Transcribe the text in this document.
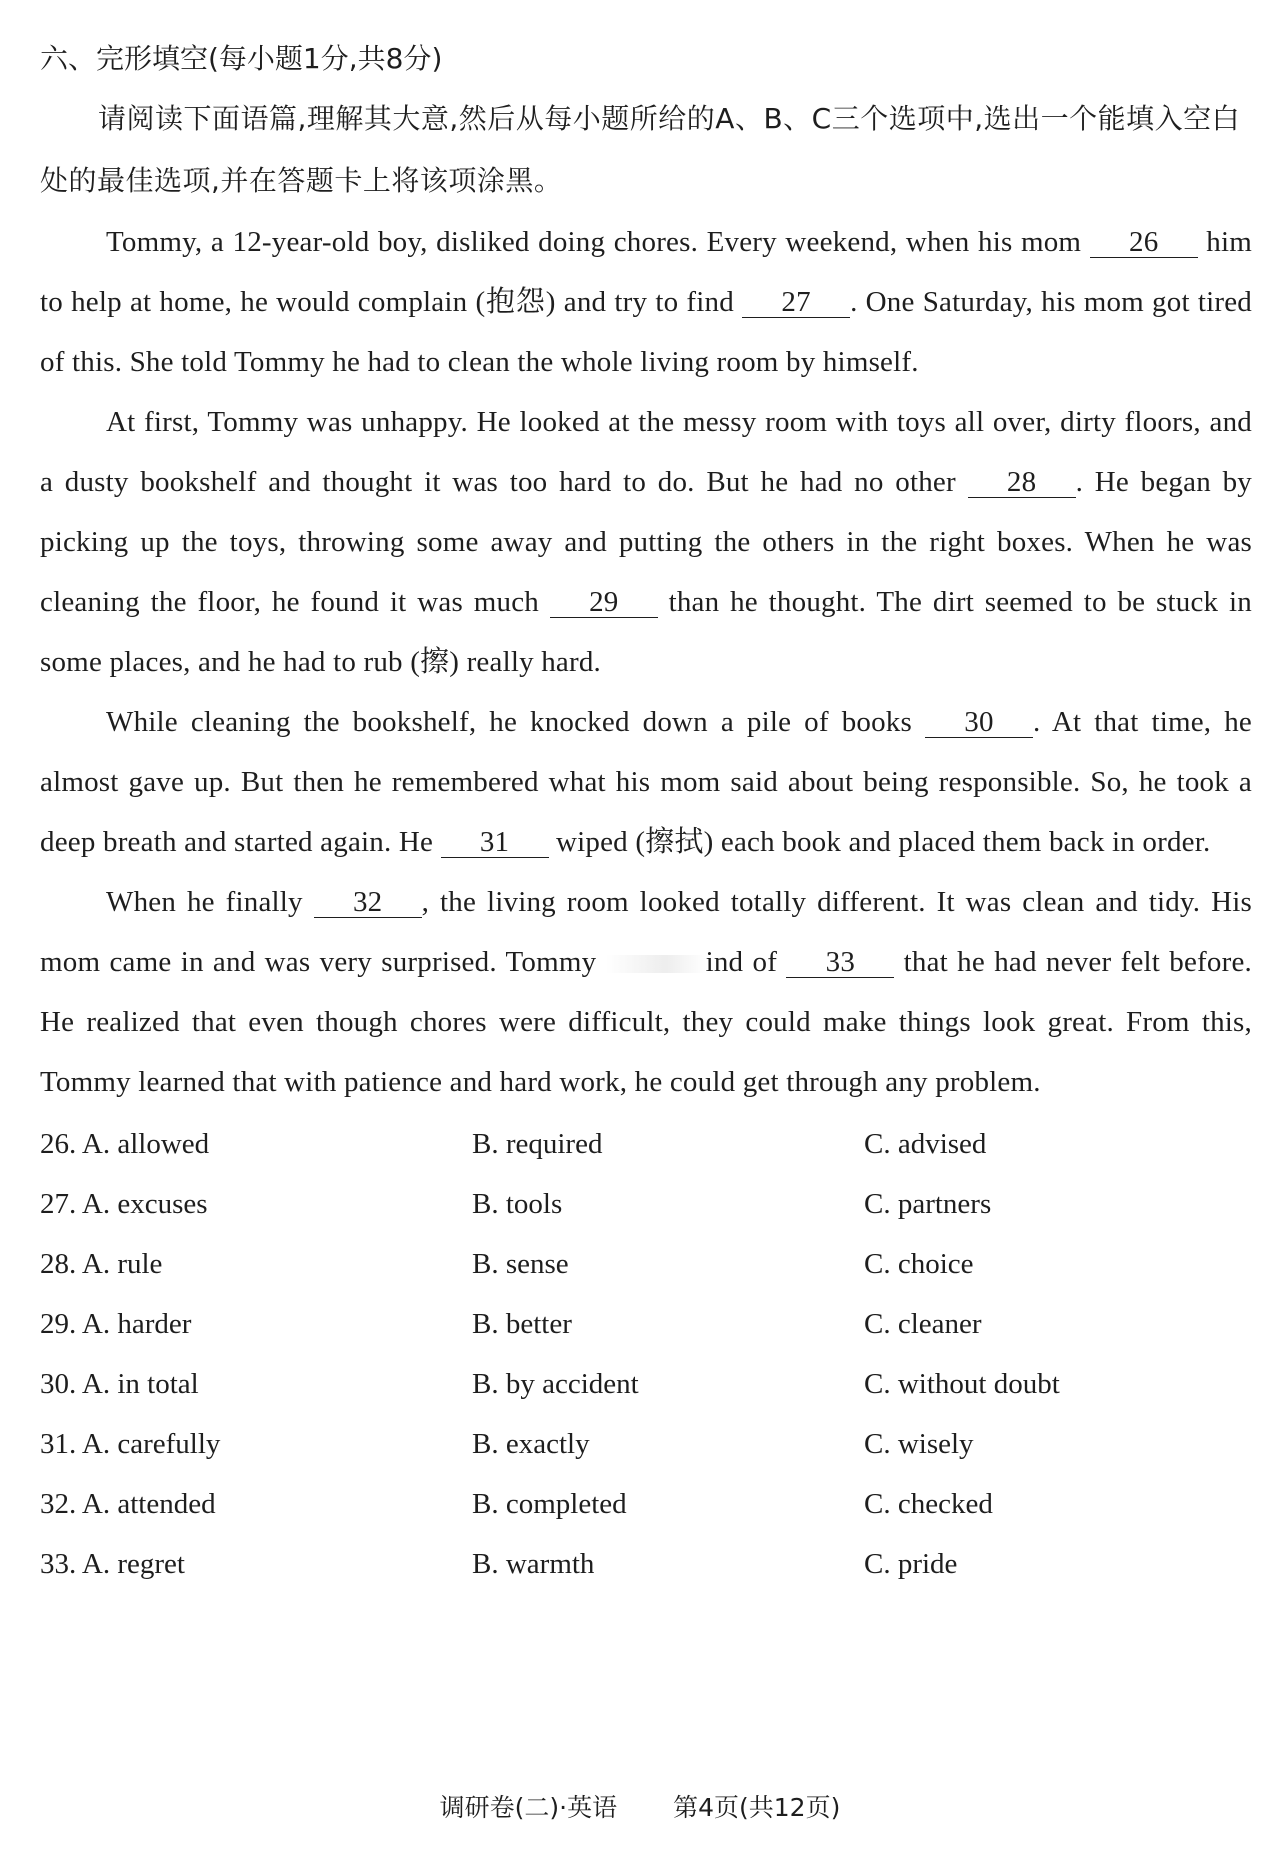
六、完形填空(每小题1分,共8分)

请阅读下面语篇,理解其大意,然后从每小题所给的A、B、C三个选项中,选出一个能填入空白处的最佳选项,并在答题卡上将该项涂黑。

Tommy, a 12-year-old boy, disliked doing chores. Every weekend, when his mom 26 him to help at home, he would complain (抱怨) and try to find 27 . One Saturday, his mom got tired of this. She told Tommy he had to clean the whole living room by himself.

At first, Tommy was unhappy. He looked at the messy room with toys all over, dirty floors, and a dusty bookshelf and thought it was too hard to do. But he had no other 28 . He began by picking up the toys, throwing some away and putting the others in the right boxes. When he was cleaning the floor, he found it was much 29 than he thought. The dirt seemed to be stuck in some places, and he had to rub (擦) really hard.

While cleaning the bookshelf, he knocked down a pile of books 30 . At that time, he almost gave up. But then he remembered what his mom said about being responsible. So, he took a deep breath and started again. He 31 wiped (擦拭) each book and placed them back in order.

When he finally 32 , the living room looked totally different. It was clean and tidy. His mom came in and was very surprised. Tommy	ind of 33 that he had never felt before. He realized that even though chores were difficult, they could make things look great. From this, Tommy learned that with patience and hard work, he could get through any problem.

26. A. allowed	B. required	C. advised
27. A. excuses	B. tools	C. partners
28. A. rule	B. sense	C. choice
29. A. harder	B. better	C. cleaner
30. A. in total	B. by accident	C. without doubt
31. A. carefully	B. exactly	C. wisely
32. A. attended	B. completed	C. checked
33. A. regret	B. warmth	C. pride
调研卷(二)·英语 第4页(共12页)
